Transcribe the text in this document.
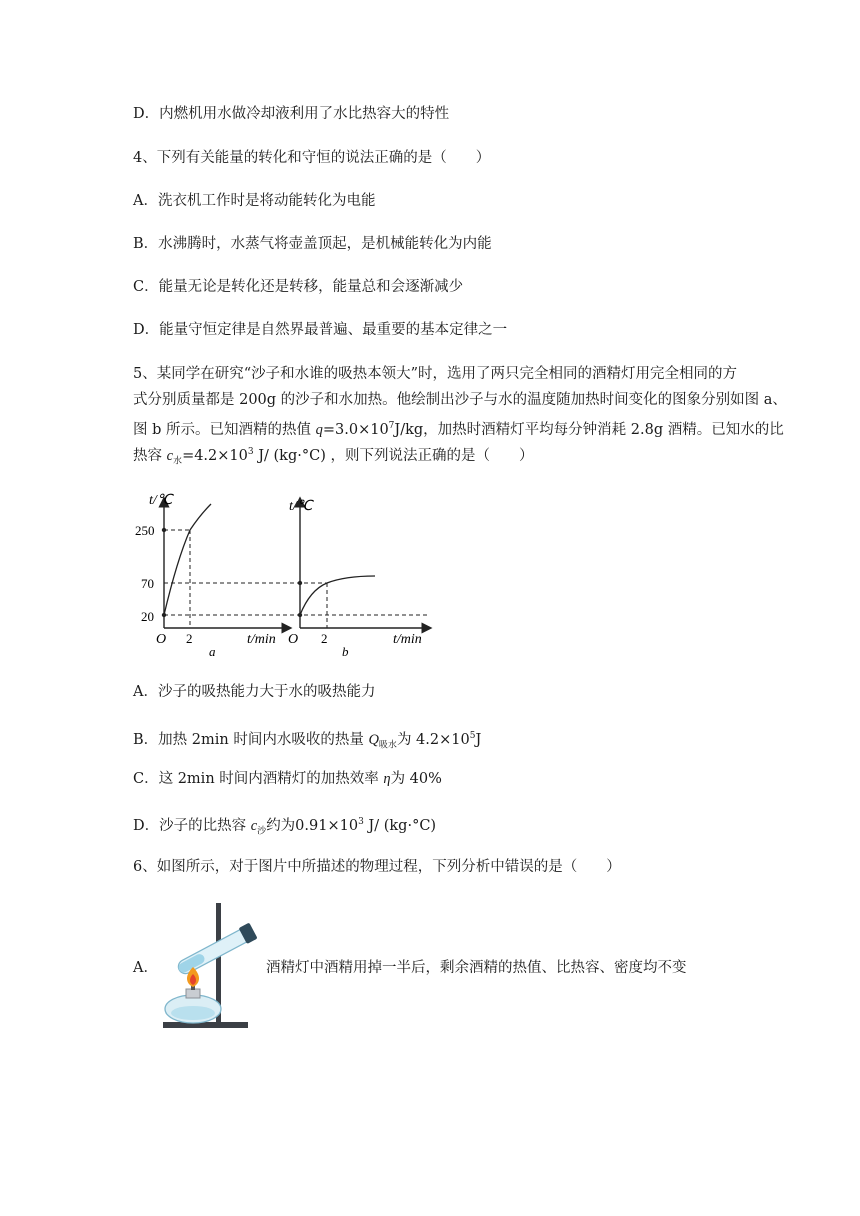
D．内燃机用水做冷却液利用了水比热容大的特性
4、下列有关能量的转化和守恒的说法正确的是（　　）
A．洗衣机工作时是将动能转化为电能
B．水沸腾时，水蒸气将壶盖顶起，是机械能转化为内能
C．能量无论是转化还是转移，能量总和会逐渐减少
D．能量守恒定律是自然界最普遍、最重要的基本定律之一
5、某同学在研究“沙子和水谁的吸热本领大”时，选用了两只完全相同的酒精灯用完全相同的方
式分别质量都是 200g 的沙子和水加热。他绘制出沙子与水的温度随加热时间变化的图象分别如图 a、
图 b 所示。已知酒精的热值 $q=3.0\times 10^7J/kg$，加热时酒精灯平均每分钟消耗 2.8g 酒精。已知水的比
热容 $c_水=4.2\times 10^3$ J/ (kg·°C) ，则下列说法正确的是（　　）
t/℃
250
20
O 2	t/min
a
t/℃
70
O 2	t/min
b
A．沙子的吸热能力大于水的吸热能力
B．加热 2min 时间内水吸收的热量 $Q_{吸水}$为 $4.2\times 10^5J$
C．这 2min 时间内酒精灯的加热效率 η为 40%
D．沙子的比热容 $c_沙$约为$0.91\times 10^3$ J/ (kg·°C)
6、如图所示，对于图片中所描述的物理过程，下列分析中错误的是（　　）
A．	酒精灯中酒精用掉一半后，剩余酒精的热值、比热容、密度均不变
